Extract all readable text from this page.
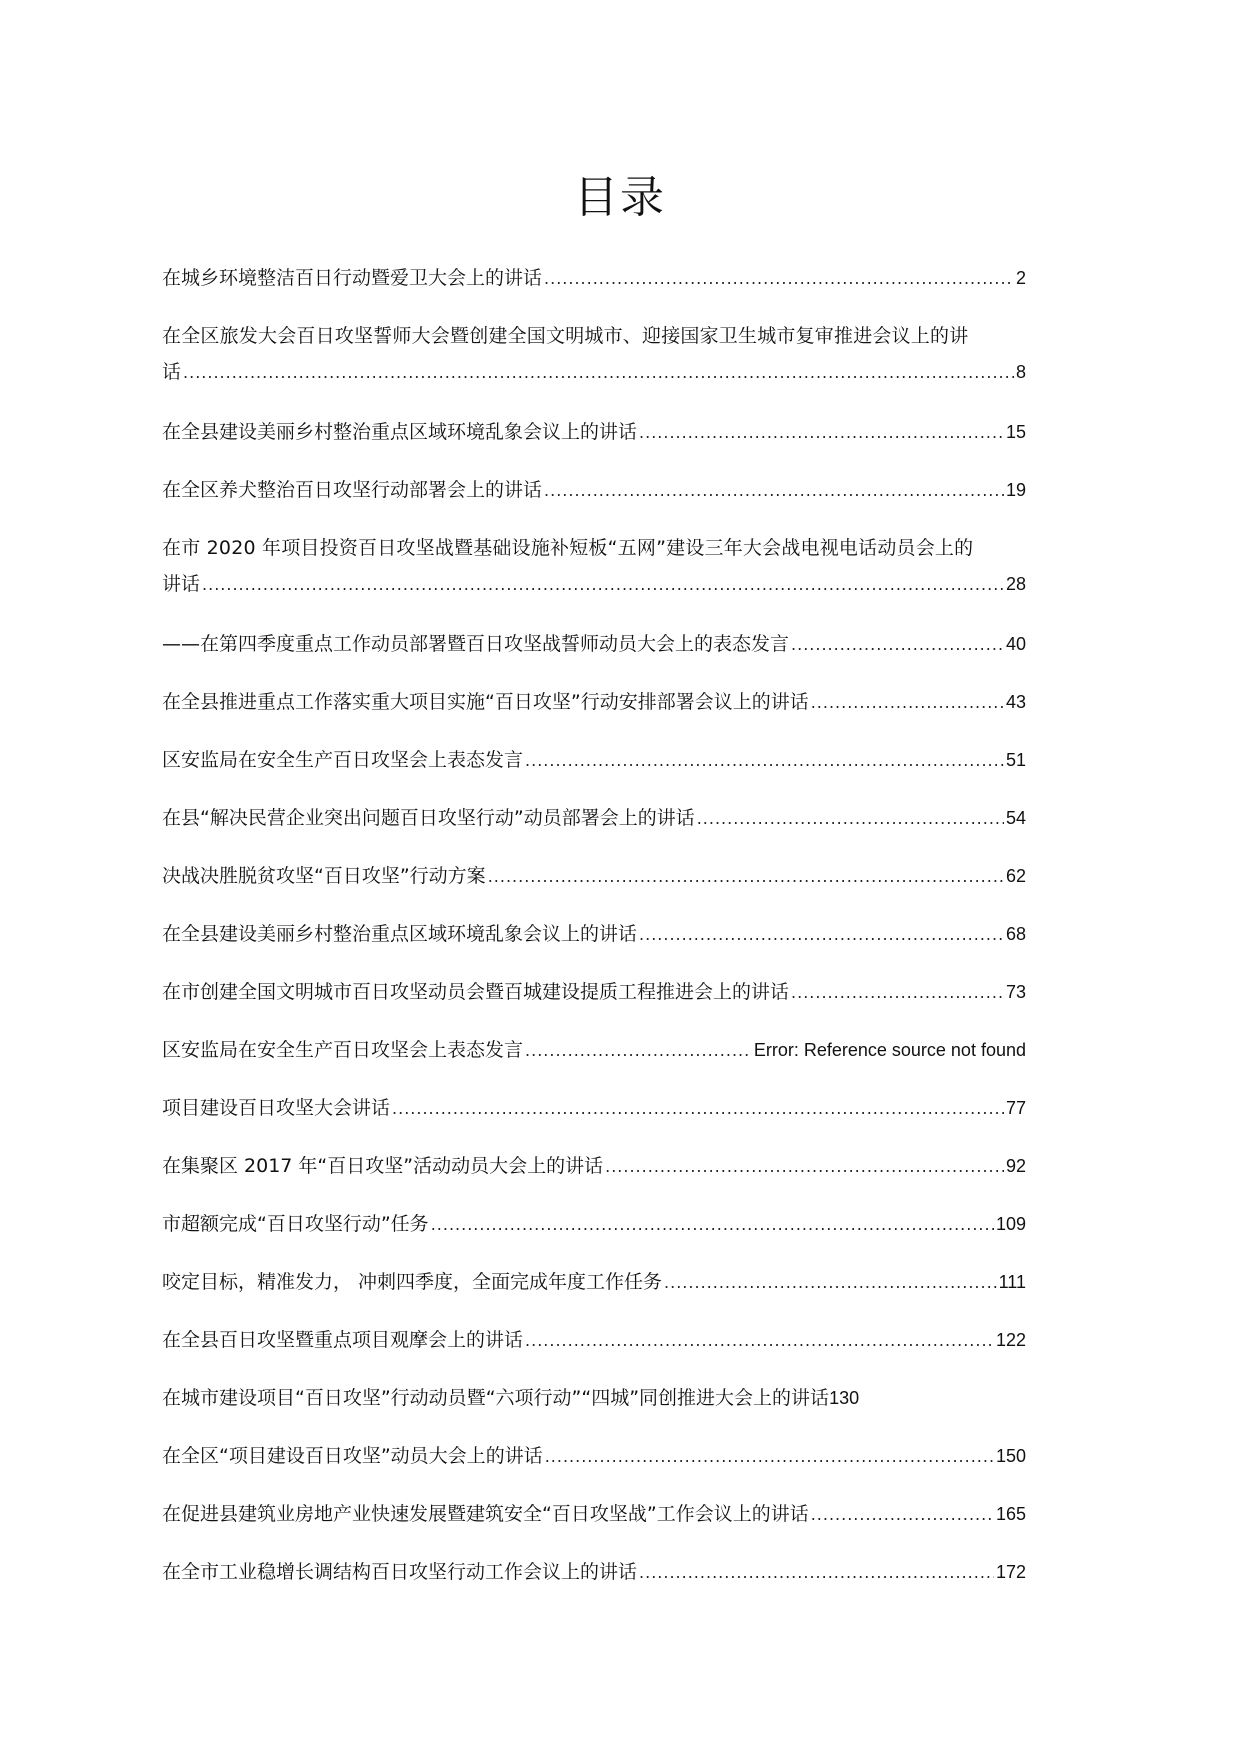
目录
在城乡环境整洁百日行动暨爱卫大会上的讲话 .....	2
在全区旅发大会百日攻坚誓师大会暨创建全国文明城市、迎接国家卫生城市复审推进会议上的讲
话 .....	8
在全县建设美丽乡村整治重点区域环境乱象会议上的讲话 .....	15
在全区养犬整治百日攻坚行动部署会上的讲话 .....	19
在市 2020 年项目投资百日攻坚战暨基础设施补短板“五网”建设三年大会战电视电话动员会上的
讲话 .....	28
——在第四季度重点工作动员部署暨百日攻坚战誓师动员大会上的表态发言 .....	40
在全县推进重点工作落实重大项目实施“百日攻坚”行动安排部署会议上的讲话 .....	43
区安监局在安全生产百日攻坚会上表态发言 .....	51
在县“解决民营企业突出问题百日攻坚行动”动员部署会上的讲话 .....	54
决战决胜脱贫攻坚“百日攻坚”行动方案 .....	62
在全县建设美丽乡村整治重点区域环境乱象会议上的讲话 .....	68
在市创建全国文明城市百日攻坚动员会暨百城建设提质工程推进会上的讲话 .....	73
区安监局在安全生产百日攻坚会上表态发言 .....	Error: Reference source not found
项目建设百日攻坚大会讲话 .....	77
在集聚区 2017 年“百日攻坚”活动动员大会上的讲话 .....	92
市超额完成“百日攻坚行动”任务 .....	109
咬定目标，精准发力， 冲刺四季度，全面完成年度工作任务 .....	111
在全县百日攻坚暨重点项目观摩会上的讲话 .....	122
在城市建设项目“百日攻坚”行动动员暨“六项行动”“四城”同创推进大会上的讲话 130
在全区“项目建设百日攻坚”动员大会上的讲话 .....	150
在促进县建筑业房地产业快速发展暨建筑安全“百日攻坚战”工作会议上的讲话 .....	165
在全市工业稳增长调结构百日攻坚行动工作会议上的讲话 .....	172
